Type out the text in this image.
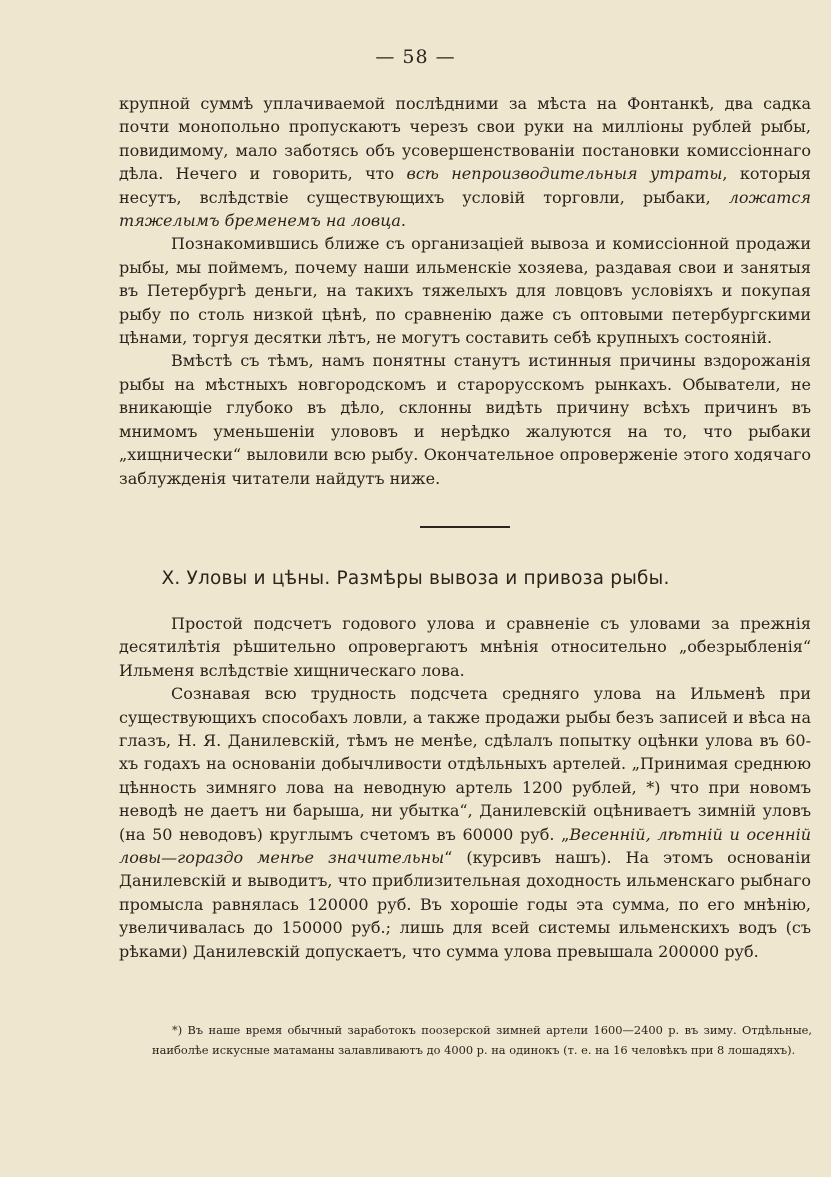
— 58 —

крупной суммѣ уплачиваемой послѣдними за мѣста на Фонтанкѣ, два садка почти монопольно пропускаютъ черезъ свои руки на милліоны рублей рыбы, повидимому, мало заботясь объ усовершенствованіи постановки комиссіоннаго дѣла. Нечего и говорить, что всѣ непроизводительныя утраты, которыя несутъ, вслѣдствіе существующихъ условій торговли, рыбаки, ложатся тяжелымъ бременемъ на ловца.

Познакомившись ближе съ организаціей вывоза и комиссіонной продажи рыбы, мы поймемъ, почему наши ильменскіе хозяева, раздавая свои и занятыя въ Петербургѣ деньги, на такихъ тяжелыхъ для ловцовъ условіяхъ и покупая рыбу по столь низкой цѣнѣ, по сравненію даже съ оптовыми петербургскими цѣнами, торгуя десятки лѣтъ, не могутъ составить себѣ крупныхъ состояній.

Вмѣстѣ съ тѣмъ, намъ понятны станутъ истинныя причины вздорожанія рыбы на мѣстныхъ новгородскомъ и старорусскомъ рынкахъ. Обыватели, не вникающіе глубоко въ дѣло, склонны видѣть причину всѣхъ причинъ въ мнимомъ уменьшеніи улововъ и нерѣдко жалуются на то, что рыбаки „хищнически“ выловили всю рыбу. Окончательное опроверженіе этого ходячаго заблужденія читатели найдутъ ниже.

X. Уловы и цѣны. Размѣры вывоза и привоза рыбы.

Простой подсчетъ годового улова и сравненіе съ уловами за прежнія десятилѣтія рѣшительно опровергаютъ мнѣнія относительно „обезрыбленія“ Ильменя вслѣдствіе хищническаго лова.

Сознавая всю трудность подсчета средняго улова на Ильменѣ при существующихъ способахъ ловли, а также продажи рыбы безъ записей и вѣса на глазъ, Н. Я. Данилевскій, тѣмъ не менѣе, сдѣлалъ попытку оцѣнки улова въ 60-хъ годахъ на основаніи добычливости отдѣльныхъ артелей. „Принимая среднюю цѣнность зимняго лова на неводную артель 1200 рублей, *) что при новомъ неводѣ не даетъ ни барыша, ни убытка“, Данилевскій оцѣниваетъ зимній уловъ (на 50 неводовъ) круглымъ счетомъ въ 60000 руб. „Весенній, лѣтній и осенній ловы—гораздо менѣе значительны“ (курсивъ нашъ). На этомъ основаніи Данилевскій и выводитъ, что приблизительная доходность ильменскаго рыбнаго промысла равнялась 120000 руб. Въ хорошіе годы эта сумма, по его мнѣнію, увеличивалась до 150000 руб.; лишь для всей системы ильменскихъ водъ (съ рѣками) Данилевскій допускаетъ, что сумма улова превышала 200000 руб.

*) Въ наше время обычный заработокъ поозерской зимней артели 1600—2400 р. въ зиму. Отдѣльные, наиболѣе искусные матаманы залавливаютъ до 4000 р. на одинокъ (т. е. на 16 человѣкъ при 8 лошадяхъ).
